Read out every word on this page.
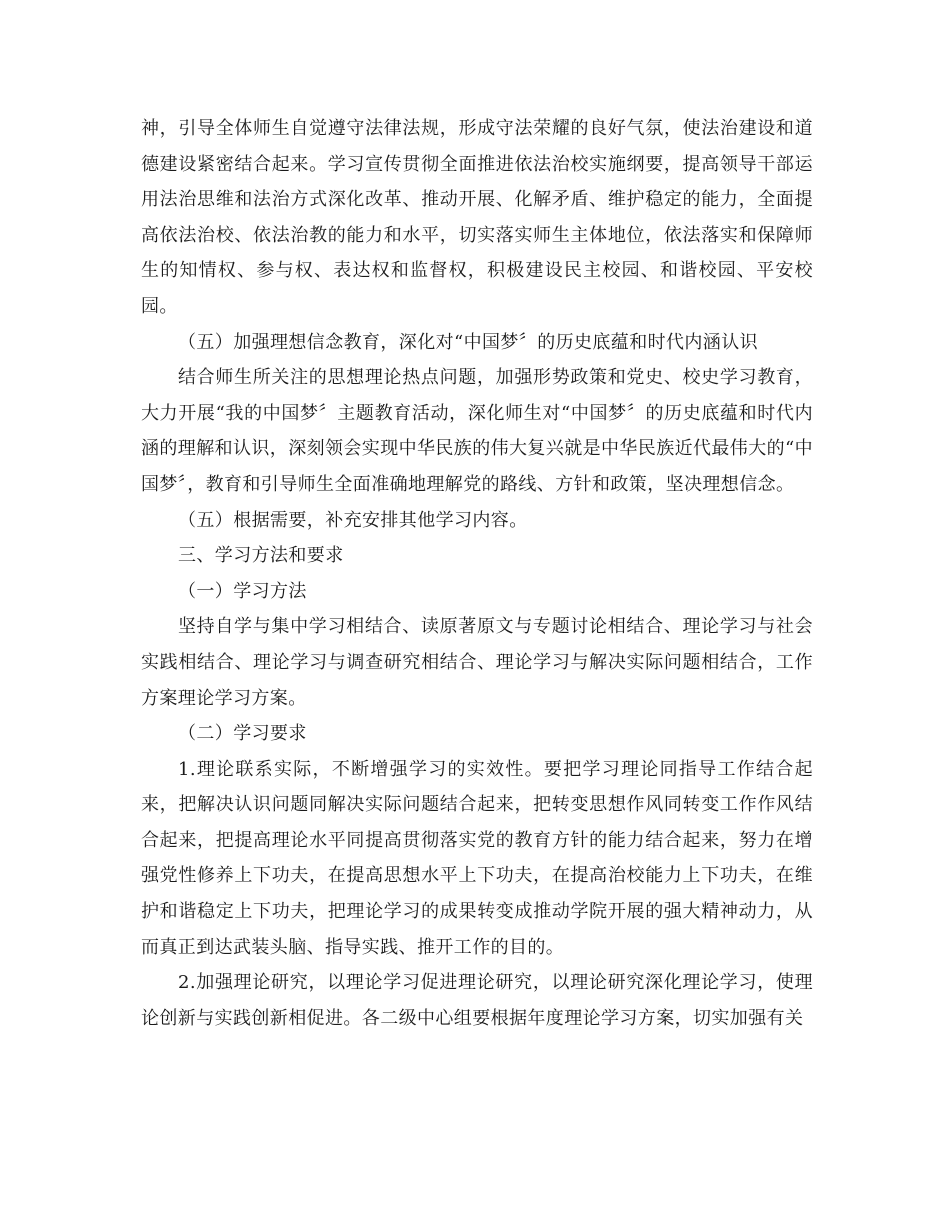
神，引导全体师生自觉遵守法律法规，形成守法荣耀的良好气氛，使法治建设和道德建设紧密结合起来。学习宣传贯彻全面推进依法治校实施纲要，提高领导干部运用法治思维和法治方式深化改革、推动开展、化解矛盾、维护稳定的能力，全面提高依法治校、依法治教的能力和水平，切实落实师生主体地位，依法落实和保障师生的知情权、参与权、表达权和监督权，积极建设民主校园、和谐校园、平安校园。

（五）加强理想信念教育，深化对“中国梦〞的历史底蕴和时代内涵认识

结合师生所关注的思想理论热点问题，加强形势政策和党史、校史学习教育，大力开展“我的中国梦〞主题教育活动，深化师生对“中国梦〞的历史底蕴和时代内涵的理解和认识，深刻领会实现中华民族的伟大复兴就是中华民族近代最伟大的“中国梦〞，教育和引导师生全面准确地理解党的路线、方针和政策，坚决理想信念。

（五）根据需要，补充安排其他学习内容。

三、学习方法和要求

（一）学习方法

坚持自学与集中学习相结合、读原著原文与专题讨论相结合、理论学习与社会实践相结合、理论学习与调查研究相结合、理论学习与解决实际问题相结合，工作方案理论学习方案。

（二）学习要求

1.理论联系实际，不断增强学习的实效性。要把学习理论同指导工作结合起来，把解决认识问题同解决实际问题结合起来，把转变思想作风同转变工作作风结合起来，把提高理论水平同提高贯彻落实党的教育方针的能力结合起来，努力在增强党性修养上下功夫，在提高思想水平上下功夫，在提高治校能力上下功夫，在维护和谐稳定上下功夫，把理论学习的成果转变成推动学院开展的强大精神动力，从而真正到达武装头脑、指导实践、推开工作的目的。

2.加强理论研究，以理论学习促进理论研究，以理论研究深化理论学习，使理论创新与实践创新相促进。各二级中心组要根据年度理论学习方案，切实加强有关
